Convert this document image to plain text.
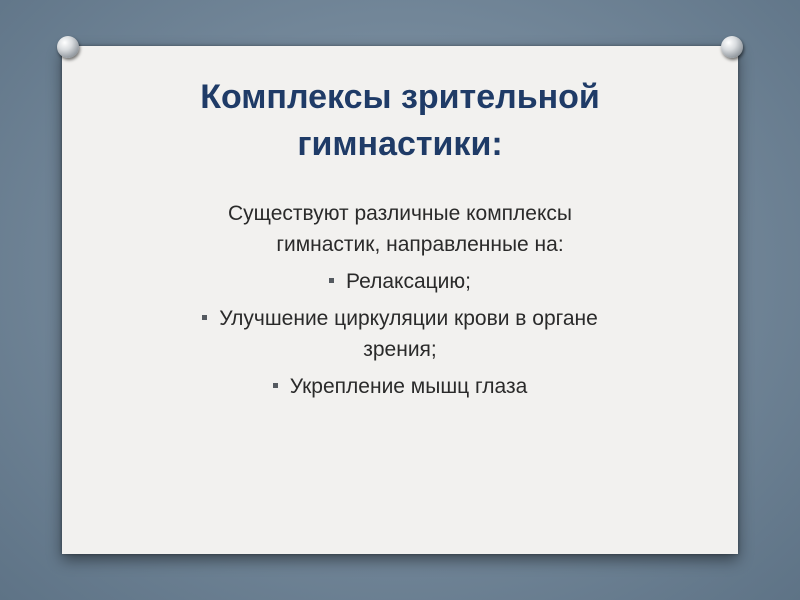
Комплексы зрительной
гимнастики:

Существуют различные комплексы
гимнастик, направленные на:

Релаксацию;
Улучшение циркуляции крови в органе
зрения;
Укрепление мышц глаза
